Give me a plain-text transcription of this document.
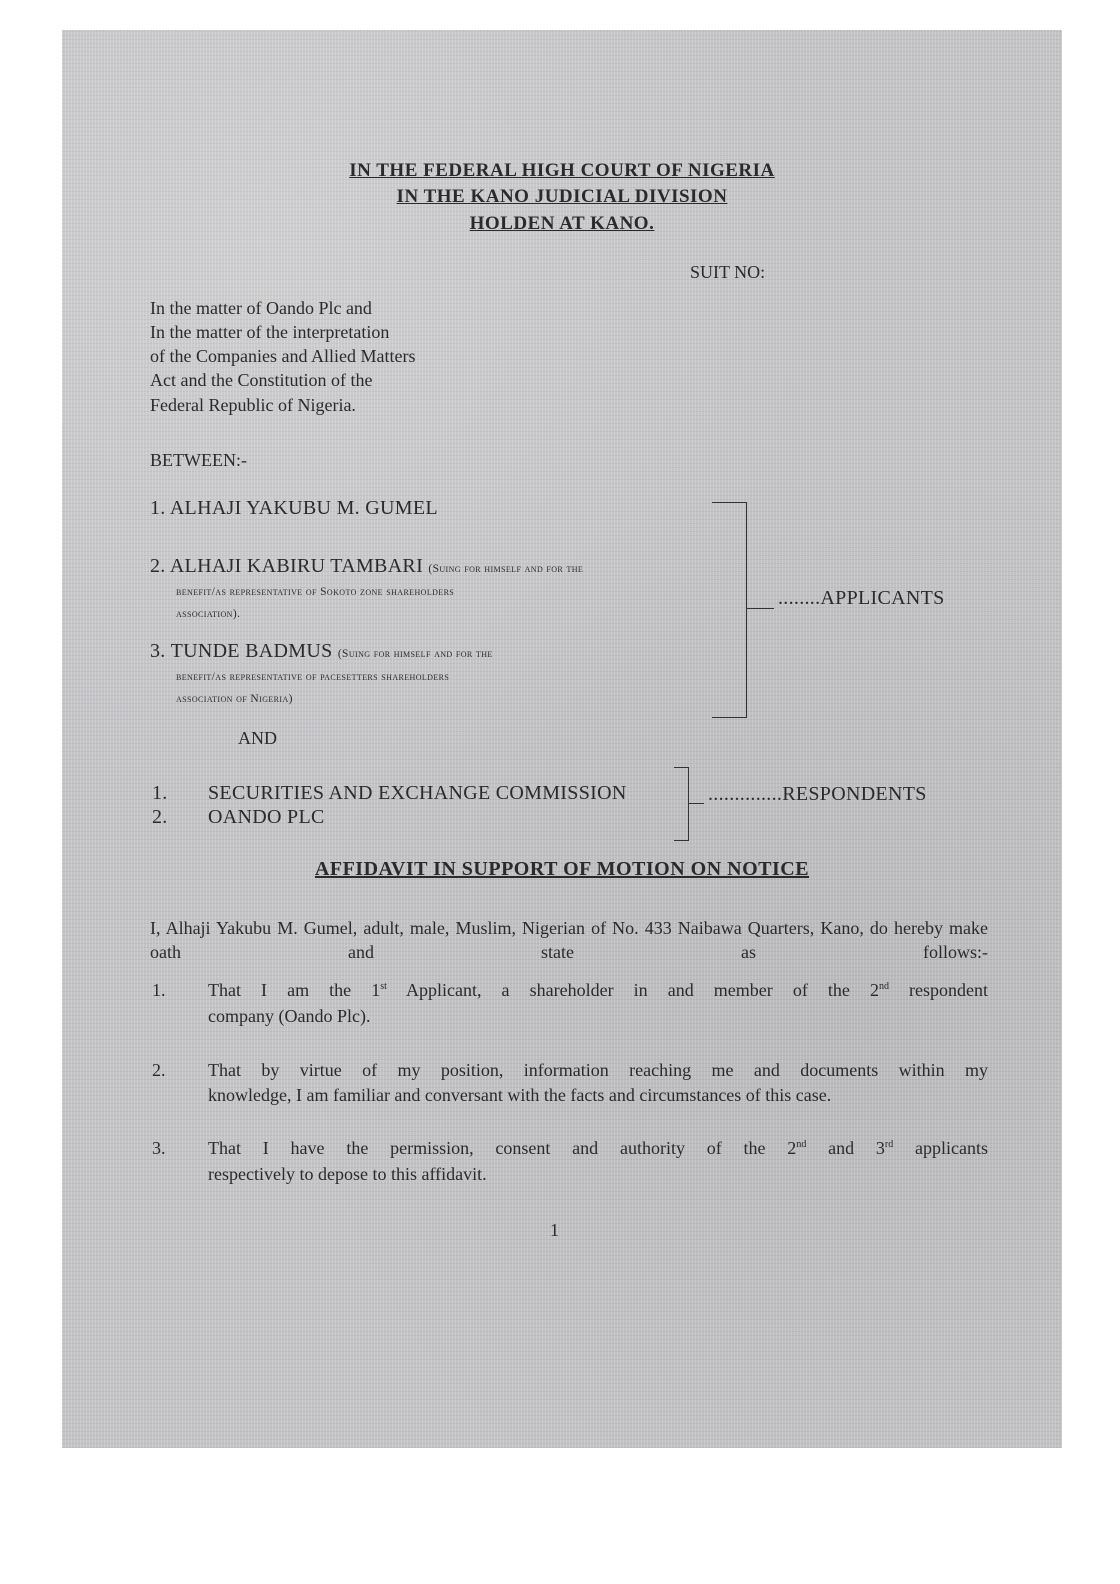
IN THE FEDERAL HIGH COURT OF NIGERIA
IN THE KANO JUDICIAL DIVISION
HOLDEN AT KANO.
SUIT NO:
In the matter of Oando Plc and
In the matter of the interpretation
of the Companies and Allied Matters
Act and the Constitution of the
Federal Republic of Nigeria.
BETWEEN:-
1. ALHAJI YAKUBU M. GUMEL
2. ALHAJI KABIRU TAMBARI (Suing for himself and for the
benefit/as representative of Sokoto zone shareholders
association).
3. TUNDE BADMUS (Suing for himself and for the
benefit/as representative of pacesetters shareholders
association of Nigeria)
........APPLICANTS
AND
1. SECURITIES AND EXCHANGE COMMISSION
2. OANDO PLC
..............RESPONDENTS
AFFIDAVIT IN SUPPORT OF MOTION ON NOTICE
I, Alhaji Yakubu M. Gumel, adult, male, Muslim, Nigerian of No. 433 Naibawa Quarters, Kano, do hereby make oath and state as follows:-
1. That I am the 1st Applicant, a shareholder in and member of the 2nd respondent
company (Oando Plc).
2. That by virtue of my position, information reaching me and documents within my
knowledge, I am familiar and conversant with the facts and circumstances of this case.
3. That I have the permission, consent and authority of the 2nd and 3rd applicants
respectively to depose to this affidavit.
1
